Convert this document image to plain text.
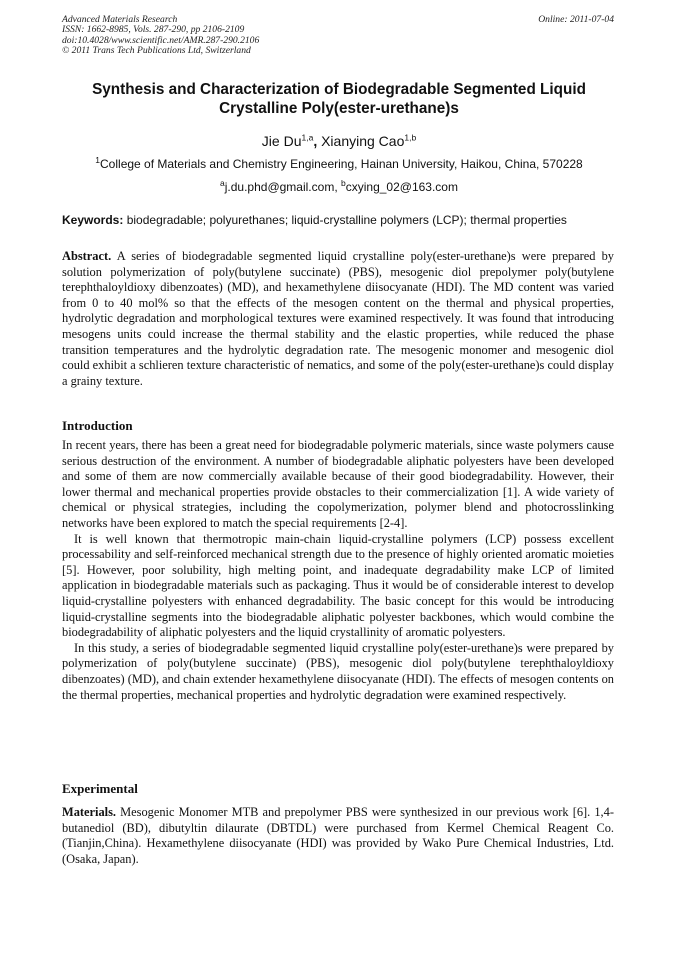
Advanced Materials Research
ISSN: 1662-8985, Vols. 287-290, pp 2106-2109
doi:10.4028/www.scientific.net/AMR.287-290.2106
© 2011 Trans Tech Publications Ltd, Switzerland
Online: 2011-07-04
Synthesis and Characterization of Biodegradable Segmented Liquid Crystalline Poly(ester-urethane)s
Jie Du$^{1,a}$, Xianying Cao$^{1,b}$
$^1$College of Materials and Chemistry Engineering, Hainan University, Haikou, China, 570228
$^a$j.du.phd@gmail.com, $^b$cxying_02@163.com
Keywords: biodegradable; polyurethanes; liquid-crystalline polymers (LCP); thermal properties

Abstract. A series of biodegradable segmented liquid crystalline poly(ester-urethane)s were prepared by solution polymerization of poly(butylene succinate) (PBS), mesogenic diol prepolymer poly(butylene terephthaloyldioxy dibenzoates) (MD), and hexamethylene diisocyanate (HDI). The MD content was varied from 0 to 40 mol% so that the effects of the mesogen content on the thermal and physical properties, hydrolytic degradation and morphological textures were examined respectively. It was found that introducing mesogens units could increase the thermal stability and the elastic properties, while reduced the phase transition temperatures and the hydrolytic degradation rate. The mesogenic monomer and mesogenic diol could exhibit a schlieren texture characteristic of nematics, and some of the poly(ester-urethane)s could display a grainy texture.

Introduction

In recent years, there has been a great need for biodegradable polymeric materials, since waste polymers cause serious destruction of the environment. A number of biodegradable aliphatic polyesters have been developed and some of them are now commercially available because of their good biodegradability. However, their lower thermal and mechanical properties provide obstacles to their commercialization [1]. A wide variety of chemical or physical strategies, including the copolymerization, polymer blend and photocrosslinking networks have been explored to match the special requirements [2-4].

It is well known that thermotropic main-chain liquid-crystalline polymers (LCP) possess excellent processability and self-reinforced mechanical strength due to the presence of highly oriented aromatic moieties [5]. However, poor solubility, high melting point, and inadequate degradability make LCP of limited application in biodegradable materials such as packaging. Thus it would be of considerable interest to develop liquid-crystalline polyesters with enhanced degradability. The basic concept for this would be introducing liquid-crystalline segments into the biodegradable aliphatic polyester backbones, which would combine the biodegradability of aliphatic polyesters and the liquid crystallinity of aromatic polyesters.

In this study, a series of biodegradable segmented liquid crystalline poly(ester-urethane)s were prepared by polymerization of poly(butylene succinate) (PBS), mesogenic diol poly(butylene terephthaloyldioxy dibenzoates) (MD), and chain extender hexamethylene diisocyanate (HDI). The effects of mesogen contents on the thermal properties, mechanical properties and hydrolytic degradation were examined respectively.

Experimental

Materials. Mesogenic Monomer MTB and prepolymer PBS were synthesized in our previous work [6]. 1,4-butanediol (BD), dibutyltin dilaurate (DBTDL) were purchased from Kermel Chemical Reagent Co. (Tianjin,China). Hexamethylene diisocyanate (HDI) was provided by Wako Pure Chemical Industries, Ltd. (Osaka, Japan).
